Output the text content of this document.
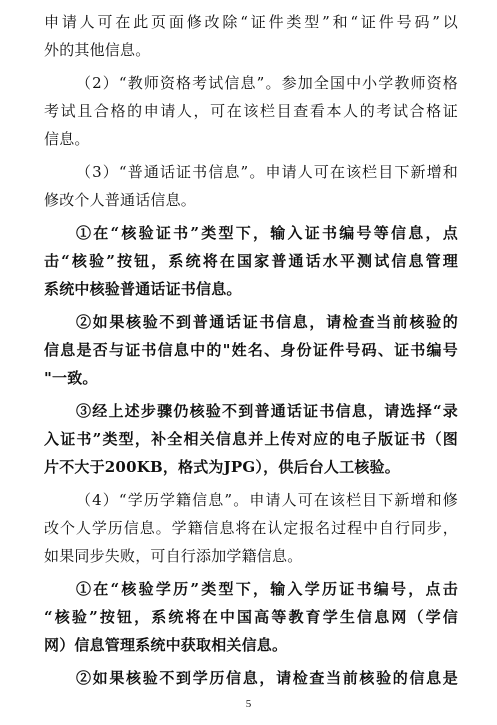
申请人可在此页面修改除“证件类型”和“证件号码”以
外的其他信息。
（2）“教师资格考试信息”。参加全国中小学教师资格
考试且合格的申请人，可在该栏目查看本人的考试合格证
信息。
（3）“普通话证书信息”。申请人可在该栏目下新增和
修改个人普通话信息。
①在“核验证书”类型下，输入证书编号等信息，点
击“核验”按钮，系统将在国家普通话水平测试信息管理
系统中核验普通话证书信息。
②如果核验不到普通话证书信息，请检查当前核验的
信息是否与证书信息中的"姓名、身份证件号码、证书编号
"一致。
③经上述步骤仍核验不到普通话证书信息，请选择“录
入证书”类型，补全相关信息并上传对应的电子版证书（图
片不大于200KB，格式为JPG），供后台人工核验。
（4）“学历学籍信息”。申请人可在该栏目下新增和修
改个人学历信息。学籍信息将在认定报名过程中自行同步，
如果同步失败，可自行添加学籍信息。
①在“核验学历”类型下，输入学历证书编号，点击
“核验”按钮，系统将在中国高等教育学生信息网（学信
网）信息管理系统中获取相关信息。
②如果核验不到学历信息，请检查当前核验的信息是
5
